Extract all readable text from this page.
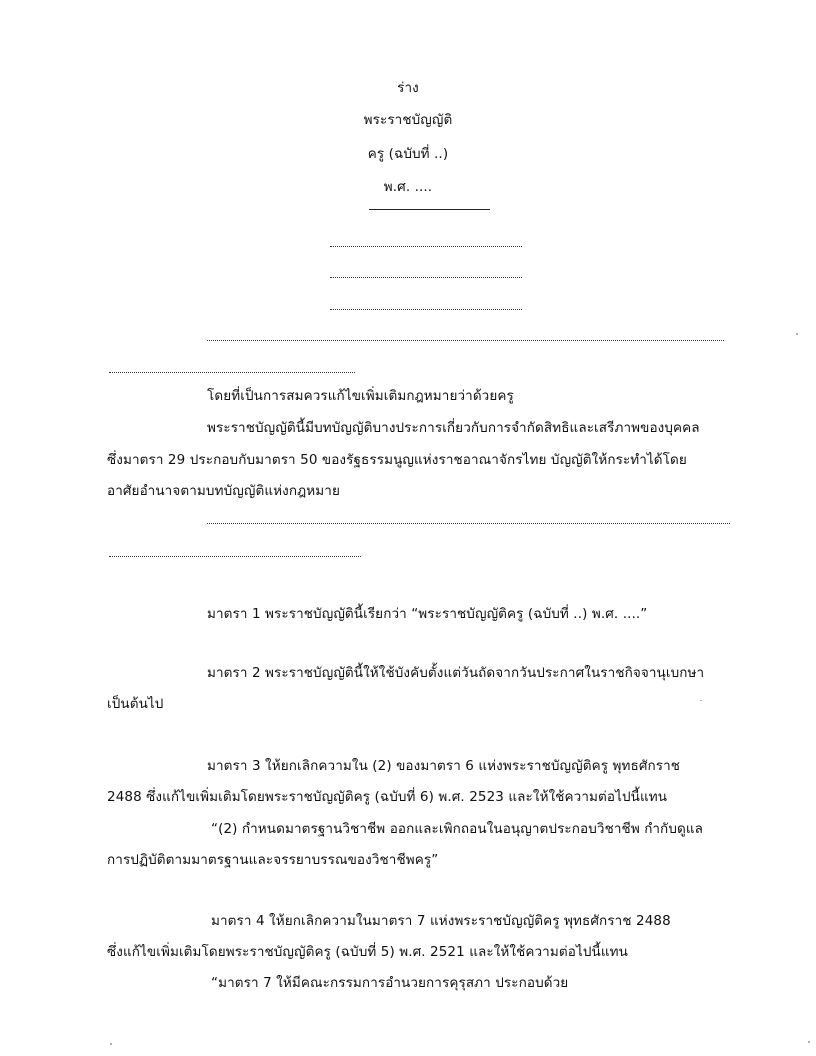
ร่าง
พระราชบัญญัติ
ครู (ฉบับที่ ..)
พ.ศ. ....
โดยที่เป็นการสมควรแก้ไขเพิ่มเติมกฎหมายว่าด้วยครู
พระราชบัญญัตินี้มีบทบัญญัติบางประการเกี่ยวกับการจำกัดสิทธิและเสรีภาพของบุคคล
ซึ่งมาตรา 29 ประกอบกับมาตรา 50 ของรัฐธรรมนูญแห่งราชอาณาจักรไทย บัญญัติให้กระทำได้โดย
อาศัยอำนาจตามบทบัญญัติแห่งกฎหมาย
มาตรา 1 พระราชบัญญัตินี้เรียกว่า “พระราชบัญญัติครู (ฉบับที่ ..) พ.ศ. ....”
มาตรา 2 พระราชบัญญัตินี้ให้ใช้บังคับตั้งแต่วันถัดจากวันประกาศในราชกิจจานุเบกษา
เป็นต้นไป
มาตรา 3 ให้ยกเลิกความใน (2) ของมาตรา 6 แห่งพระราชบัญญัติครู พุทธศักราช
2488 ซึ่งแก้ไขเพิ่มเติมโดยพระราชบัญญัติครู (ฉบับที่ 6) พ.ศ. 2523 และให้ใช้ความต่อไปนี้แทน
“(2) กำหนดมาตรฐานวิชาชีพ ออกและเพิกถอนในอนุญาตประกอบวิชาชีพ กำกับดูแล
การปฏิบัติตามมาตรฐานและจรรยาบรรณของวิชาชีพครู”
มาตรา 4 ให้ยกเลิกความในมาตรา 7 แห่งพระราชบัญญัติครู พุทธศักราช 2488
ซึ่งแก้ไขเพิ่มเติมโดยพระราชบัญญัติครู (ฉบับที่ 5) พ.ศ. 2521 และให้ใช้ความต่อไปนี้แทน
“มาตรา 7 ให้มีคณะกรรมการอำนวยการคุรุสภา ประกอบด้วย
